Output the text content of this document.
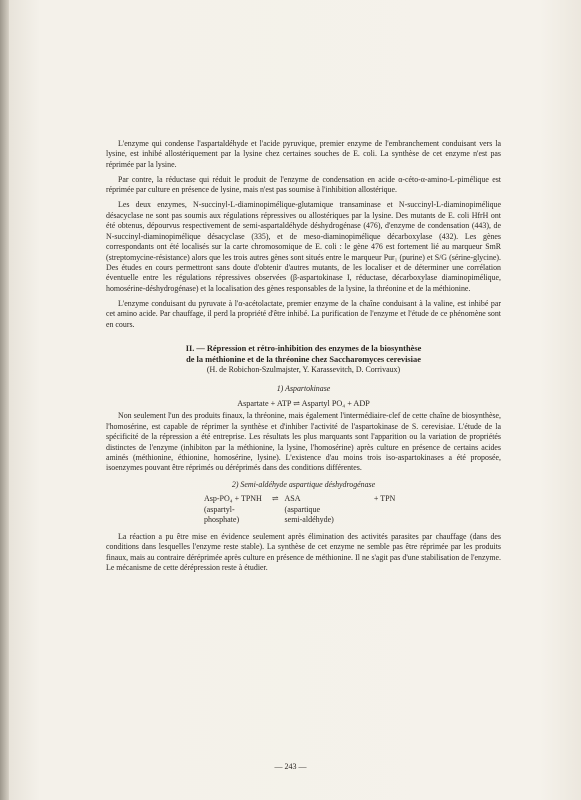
L'enzyme qui condense l'aspartaldéhyde et l'acide pyruvique, premier enzyme de l'embranchement conduisant vers la lysine, est inhibé allostériquement par la lysine chez certaines souches de E. coli. La synthèse de cet enzyme n'est pas réprimée par la lysine.

Par contre, la réductase qui réduit le produit de l'enzyme de condensation en acide α-céto-α-amino-L-pimélique est réprimée par culture en présence de lysine, mais n'est pas soumise à l'inhibition allostérique.

Les deux enzymes, N-succinyl-L-diaminopimélique-glutamique transaminase et N-succinyl-L-diaminopimélique désacyclase ne sont pas soumis aux régulations répressives ou allostériques par la lysine. Des mutants de E. coli HfrH ont été obtenus, dépourvus respectivement de semi-aspartaldéhyde déshydrogénase (476), d'enzyme de condensation (443), de N-succinyl-diaminopimélique désacyclase (335), et de meso-diaminopimélique décarboxylase (432). Les gènes correspondants ont été localisés sur la carte chromosomique de E. coli : le gène 476 est fortement lié au marqueur SmR (streptomycine-résistance) alors que les trois autres gènes sont situés entre le marqueur Pur₁ (purine) et S/G (sérine-glycine). Des études en cours permettront sans doute d'obtenir d'autres mutants, de les localiser et de déterminer une corrélation éventuelle entre les régulations répressives observées (β-aspartokinase I, réductase, décarboxylase diaminopimélique, homosérine-déshydrogénase) et la localisation des gènes responsables de la lysine, la thréonine et de la méthionine.

L'enzyme conduisant du pyruvate à l'α-acétolactate, premier enzyme de la chaîne conduisant à la valine, est inhibé par cet amino acide. Par chauffage, il perd la propriété d'être inhibé. La purification de l'enzyme et l'étude de ce phénomène sont en cours.

II. — Répression et rétro-inhibition des enzymes de la biosynthèse
de la méthionine et de la thréonine chez Saccharomyces cerevisiae
(H. de Robichon-Szulmajster, Y. Karassevitch, D. Corrivaux)
1) Aspartokinase
Aspartate + ATP ⇌ Aspartyl PO₄ + ADP

Non seulement l'un des produits finaux, la thréonine, mais également l'intermédiaire-clef de cette chaîne de biosynthèse, l'homosérine, est capable de réprimer la synthèse et d'inhiber l'activité de l'aspartokinase de S. cerevisiae. L'étude de la spécificité de la répression a été entreprise. Les résultats les plus marquants sont l'apparition ou la variation de propriétés distinctes de l'enzyme (inhibiton par la méthionine, la lysine, l'homosérine) après culture en présence de certains acides aminés (méthionine, éthionine, homosérine, lysine). L'existence d'au moins trois iso-aspartokinases a été proposée, isoenzymes pouvant être réprimés ou déréprimés dans des conditions différentes.

2) Semi-aldéhyde aspartique déshydrogénase
Asp-PO₄ + TPNH	⇌	ASA		+ TPN
(aspartyl-		(aspartique		
phosphate)		semi-aldéhyde)		

La réaction a pu être mise en évidence seulement après élimination des activités parasites par chauffage (dans des conditions dans lesquelles l'enzyme reste stable). La synthèse de cet enzyme ne semble pas être réprimée par les produits finaux, mais au contraire déréprimée après culture en présence de méthionine. Il ne s'agit pas d'une stabilisation de l'enzyme. Le mécanisme de cette dérépression reste à étudier.

— 243 —
